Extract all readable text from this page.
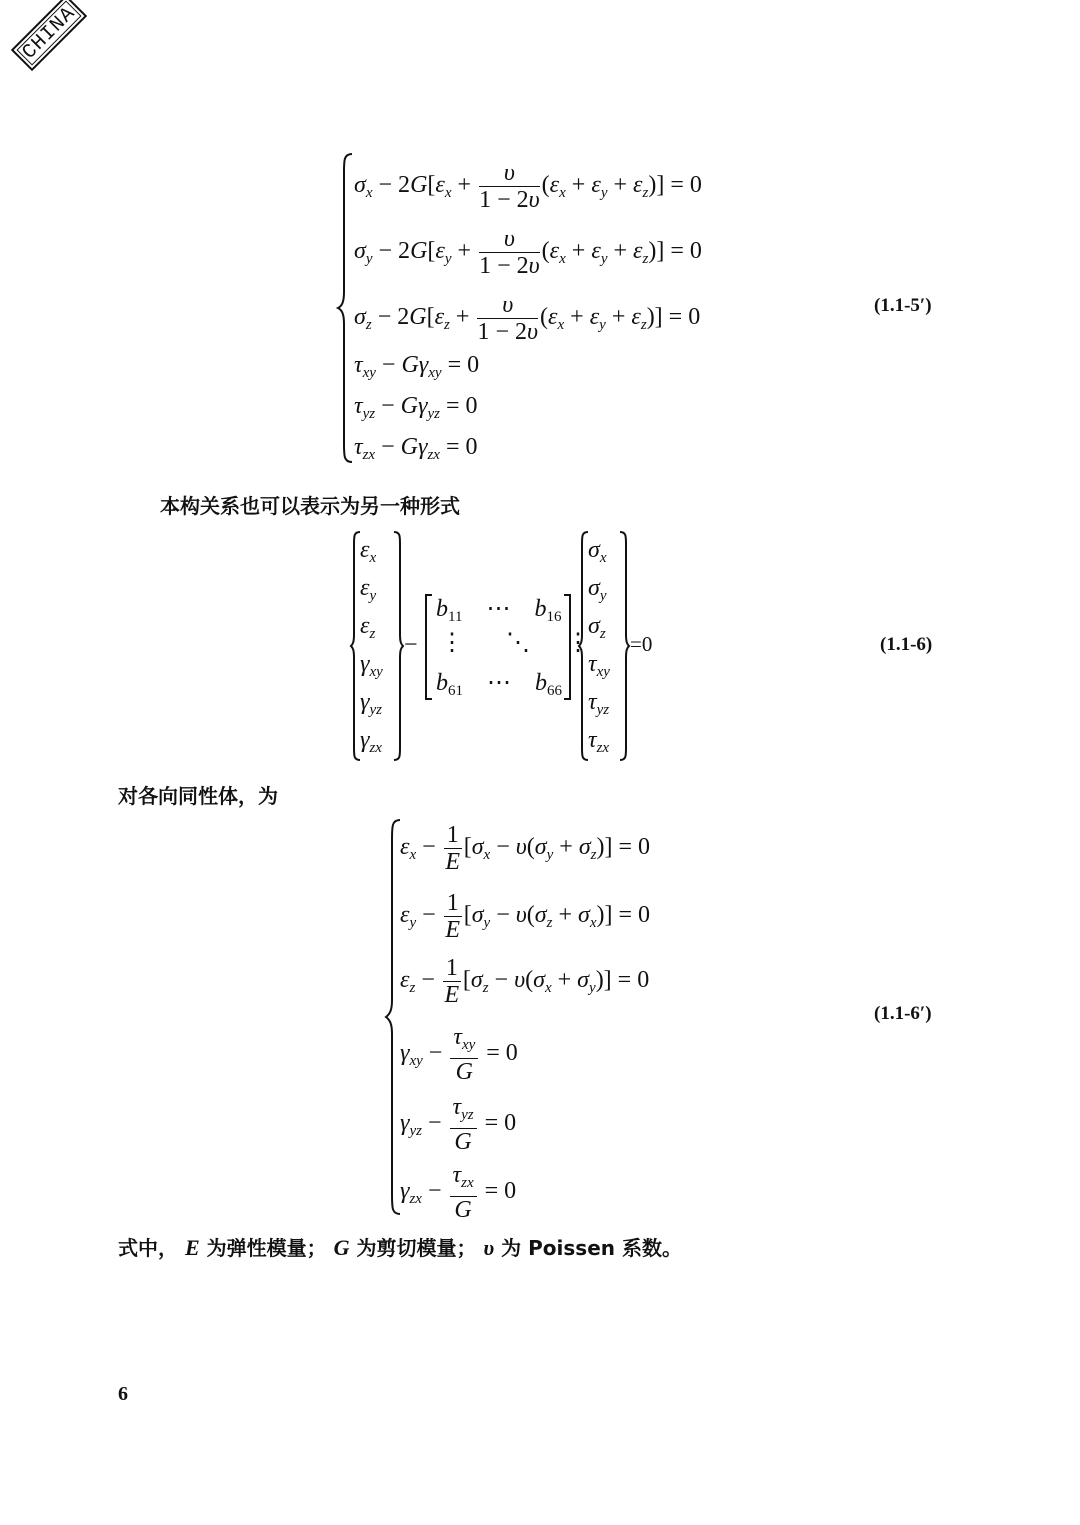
CHINA
$\sigma_x - 2G[\varepsilon_x + \frac{\upsilon}{1 - 2\upsilon} (\varepsilon_x + \varepsilon_y + \varepsilon_z)] = 0$
$\sigma_y - 2G[\varepsilon_y + \frac{\upsilon}{1 - 2\upsilon} (\varepsilon_x + \varepsilon_y + \varepsilon_z)] = 0$
$\sigma_z - 2G[\varepsilon_z + \frac{\upsilon}{1 - 2\upsilon} (\varepsilon_x + \varepsilon_y + \varepsilon_z)] = 0$
$\tau_{xy} - G\gamma_{xy} = 0$
$\tau_{yz} - G\gamma_{yz} = 0$
$\tau_{zx} - G\gamma_{zx} = 0$
(1.1-5′)
本构关系也可以表示为另一种形式
$\varepsilon_x$
$\varepsilon_y$
$\varepsilon_z$
$\gamma_{xy}$
$\gamma_{yz}$
$\gamma_{zx}$
−
$b_{11}$    ⋯    $b_{16}$
⋮       ⋱      ⋮
$b_{61}$    ⋯    $b_{66}$
$\sigma_x$
$\sigma_y$
$\sigma_z$
$\tau_{xy}$
$\tau_{yz}$
$\tau_{zx}$
=0	(1.1-6)
对各向同性体，为
$\varepsilon_x - \frac{1}{E} [\sigma_x - \upsilon(\sigma_y + \sigma_z)] = 0$
$\varepsilon_y - \frac{1}{E} [\sigma_y - \upsilon(\sigma_z + \sigma_x)] = 0$
$\varepsilon_z - \frac{1}{E} [\sigma_z - \upsilon(\sigma_x + \sigma_y)] = 0$
$\gamma_{xy} - \frac{\tau_{xy}}{G} = 0$
$\gamma_{yz} - \frac{\tau_{yz}}{G} = 0$
$\gamma_{zx} - \frac{\tau_{zx}}{G} = 0$
(1.1-6′)
式中， E 为弹性模量； G 为剪切模量； υ 为 Poissen 系数。
6
